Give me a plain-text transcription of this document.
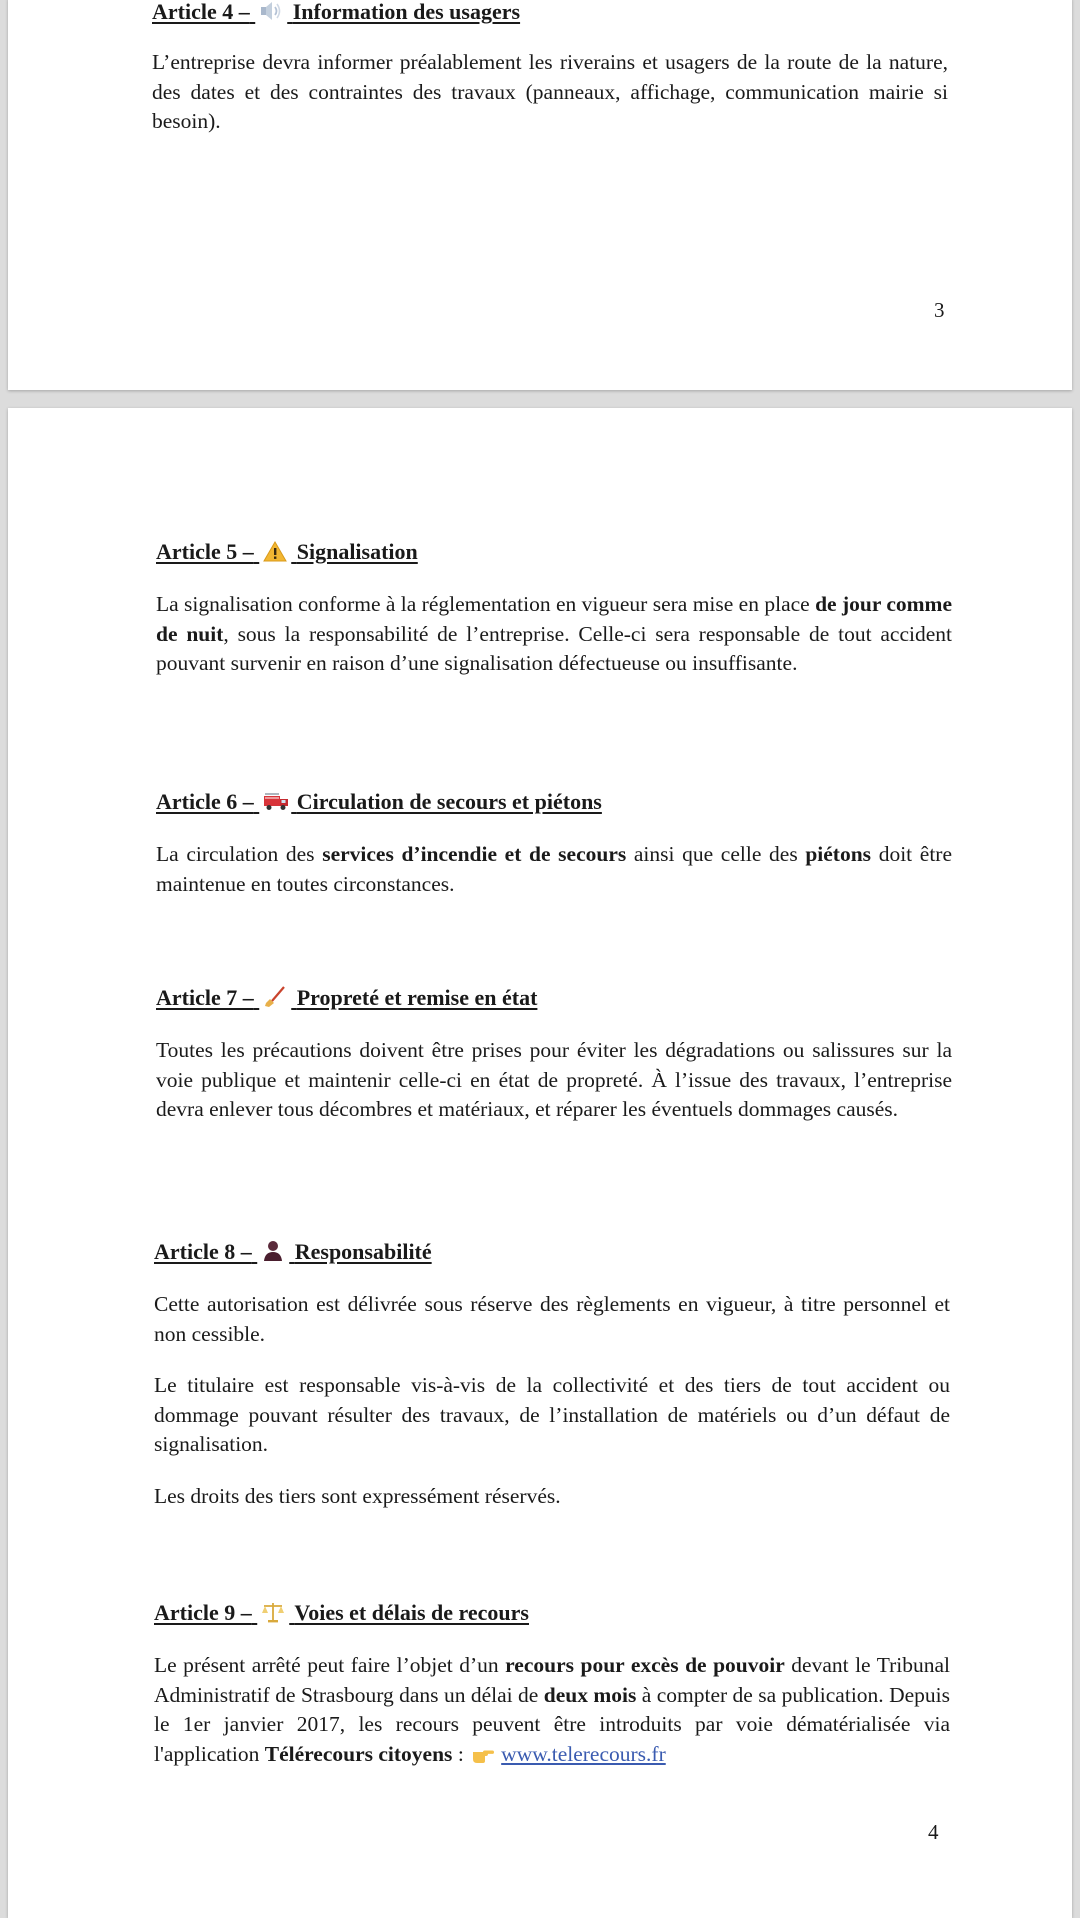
Article 4 – Information des usagers

L’entreprise devra informer préalablement les riverains et usagers de la route de la nature, des dates et des contraintes des travaux (panneaux, affichage, communication mairie si besoin).

3
Article 5 – Signalisation

La signalisation conforme à la réglementation en vigueur sera mise en place de jour comme de nuit, sous la responsabilité de l’entreprise. Celle-ci sera responsable de tout accident pouvant survenir en raison d’une signalisation défectueuse ou insuffisante.

Article 6 – Circulation de secours et piétons

La circulation des services d’incendie et de secours ainsi que celle des piétons doit être maintenue en toutes circonstances.

Article 7 – Propreté et remise en état

Toutes les précautions doivent être prises pour éviter les dégradations ou salissures sur la voie publique et maintenir celle-ci en état de propreté. À l’issue des travaux, l’entreprise devra enlever tous décombres et matériaux, et réparer les éventuels dommages causés.

Article 8 – Responsabilité

Cette autorisation est délivrée sous réserve des règlements en vigueur, à titre personnel et non cessible.

Le titulaire est responsable vis-à-vis de la collectivité et des tiers de tout accident ou dommage pouvant résulter des travaux, de l’installation de matériels ou d’un défaut de signalisation.

Les droits des tiers sont expressément réservés.

Article 9 – Voies et délais de recours

Le présent arrêté peut faire l’objet d’un recours pour excès de pouvoir devant le Tribunal Administratif de Strasbourg dans un délai de deux mois à compter de sa publication. Depuis le 1er janvier 2017, les recours peuvent être introduits par voie dématérialisée via l'application Télérecours citoyens : www.telerecours.fr

4
